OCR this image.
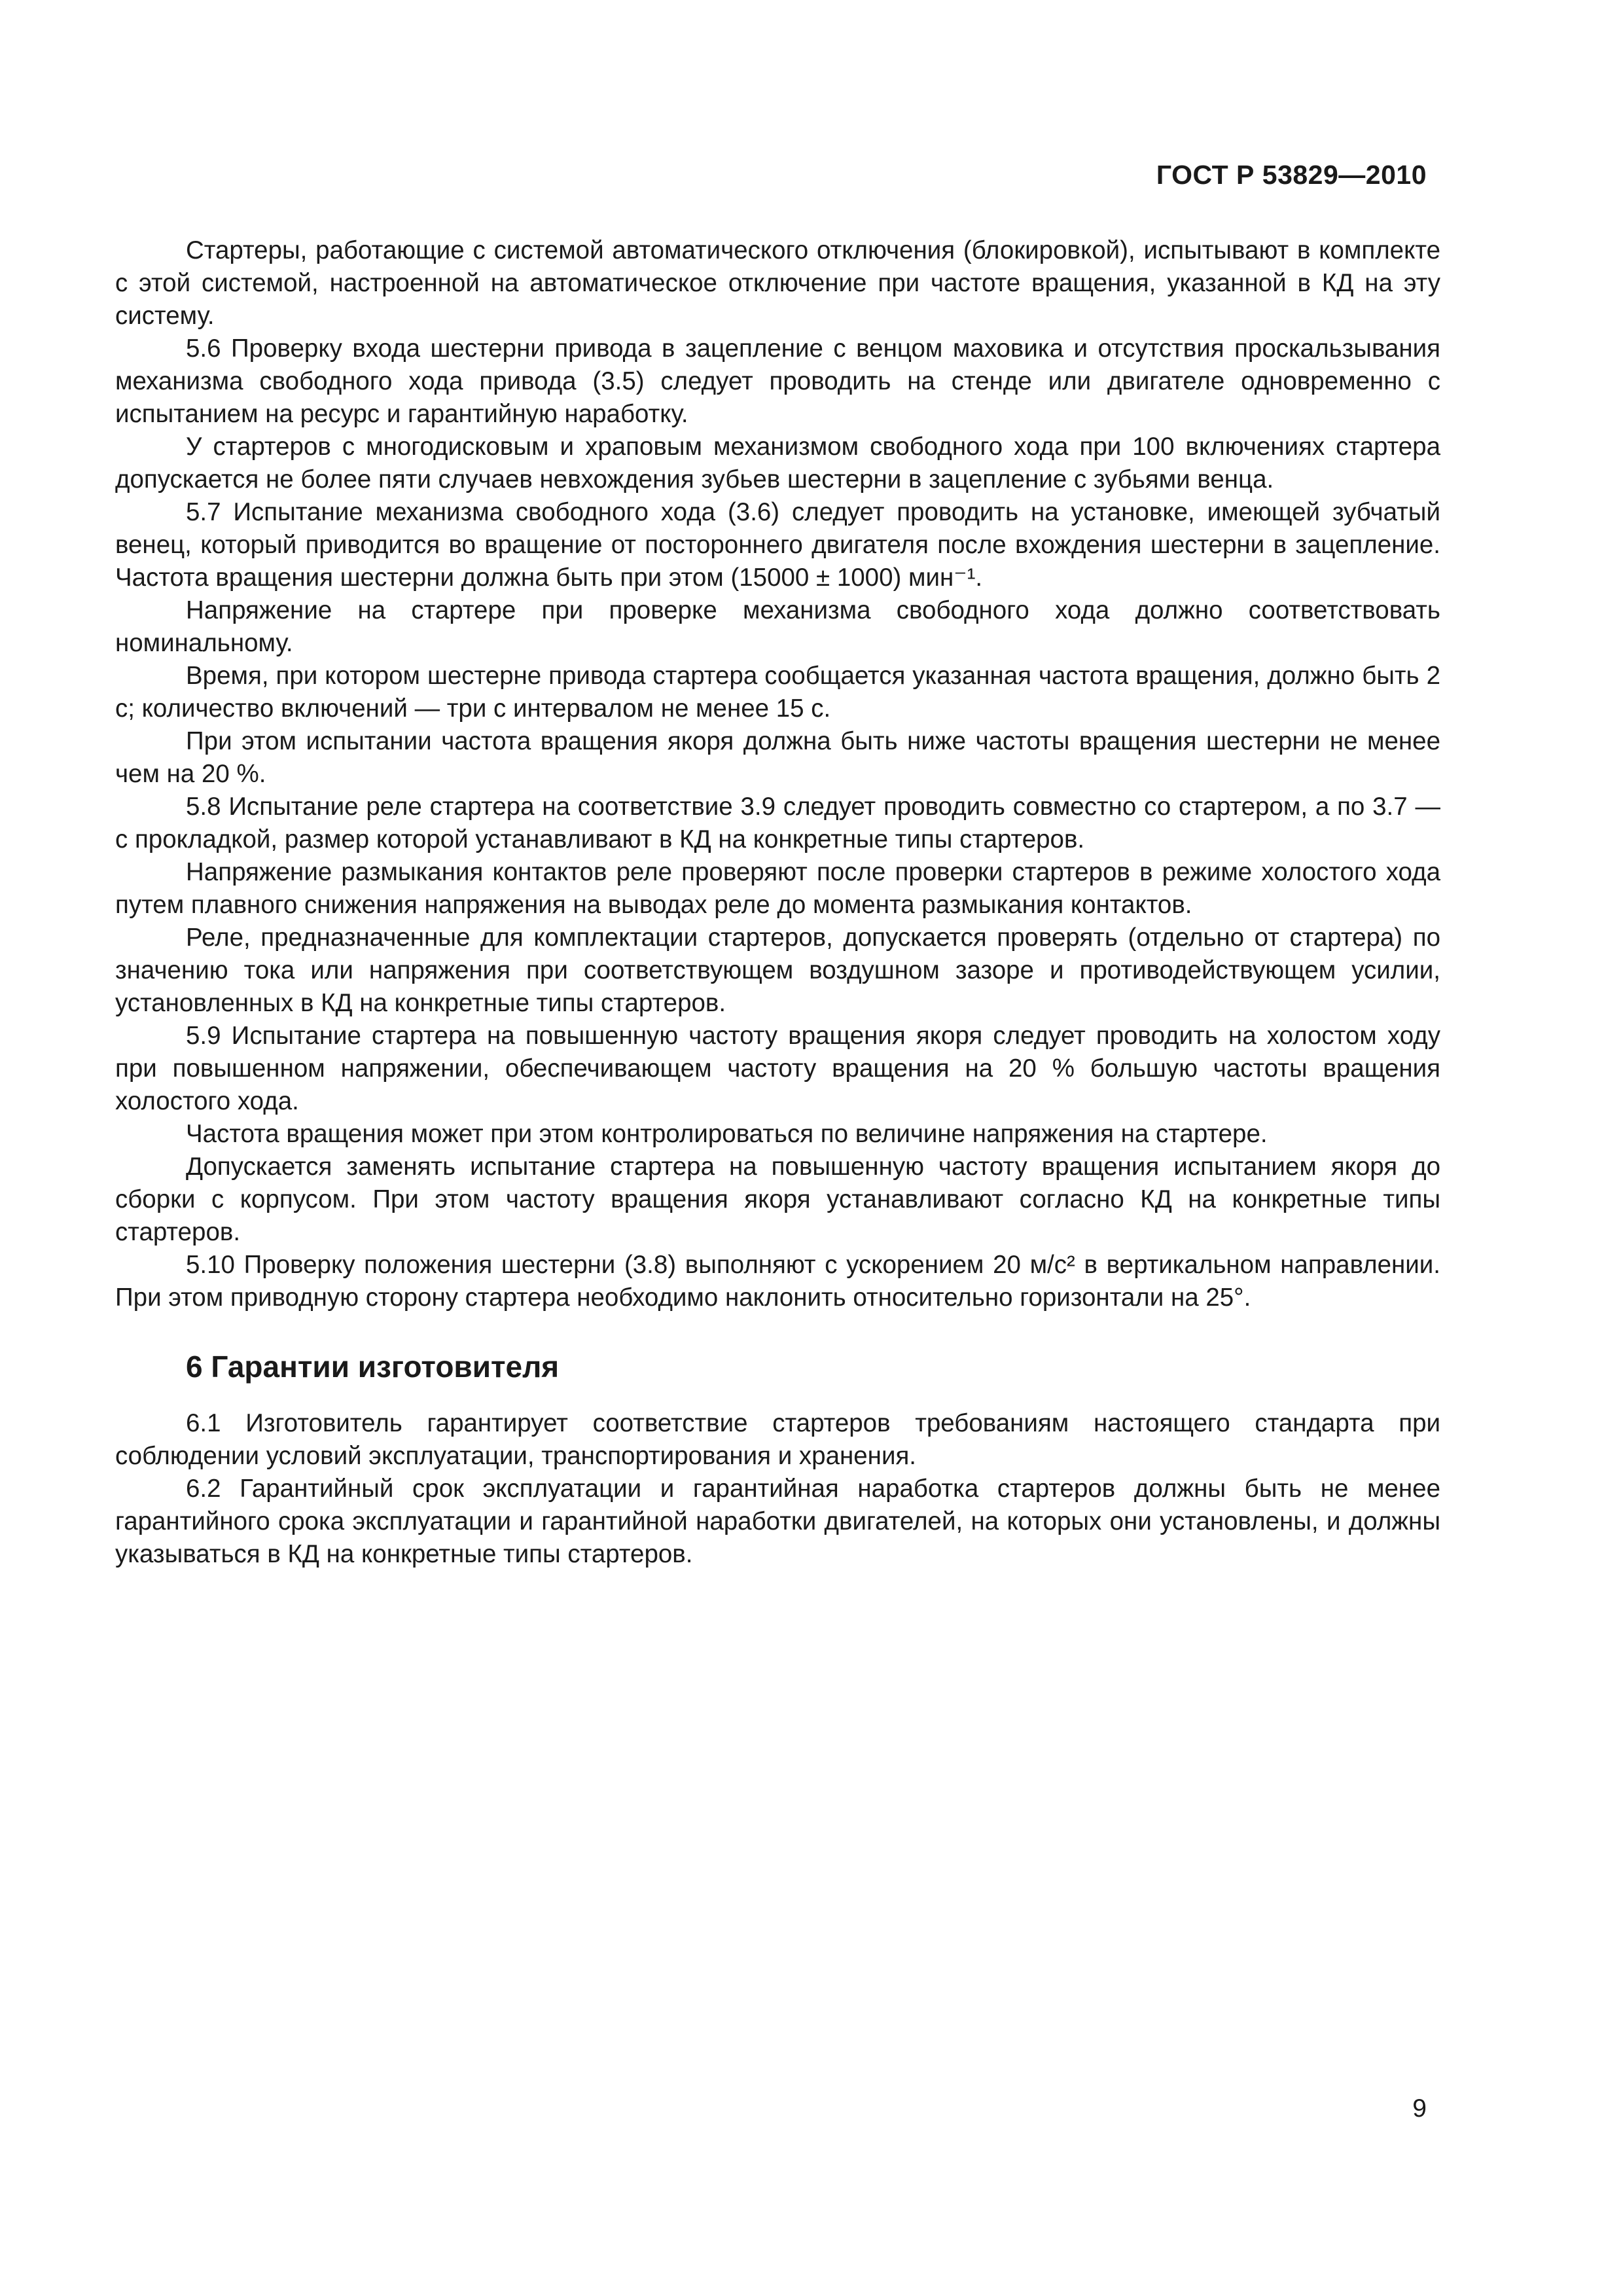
ГОСТ Р 53829—2010

Стартеры, работающие с системой автоматического отключения (блокировкой), испытывают в комплекте с этой системой, настроенной на автоматическое отключение при частоте вращения, указанной в КД на эту систему.

5.6 Проверку входа шестерни привода в зацепление с венцом маховика и отсутствия проскальзывания механизма свободного хода привода (3.5) следует проводить на стенде или двигателе одновременно с испытанием на ресурс и гарантийную наработку.

У стартеров с многодисковым и храповым механизмом свободного хода при 100 включениях стартера допускается не более пяти случаев невхождения зубьев шестерни в зацепление с зубьями венца.

5.7 Испытание механизма свободного хода (3.6) следует проводить на установке, имеющей зубчатый венец, который приводится во вращение от постороннего двигателя после вхождения шестерни в зацепление. Частота вращения шестерни должна быть при этом (15000 ± 1000) мин⁻¹.

Напряжение на стартере при проверке механизма свободного хода должно соответствовать номинальному.

Время, при котором шестерне привода стартера сообщается указанная частота вращения, должно быть 2 с; количество включений — три с интервалом не менее 15 с.

При этом испытании частота вращения якоря должна быть ниже частоты вращения шестерни не менее чем на 20 %.

5.8 Испытание реле стартера на соответствие 3.9 следует проводить совместно со стартером, а по 3.7 — с прокладкой, размер которой устанавливают в КД на конкретные типы стартеров.

Напряжение размыкания контактов реле проверяют после проверки стартеров в режиме холостого хода путем плавного снижения напряжения на выводах реле до момента размыкания контактов.

Реле, предназначенные для комплектации стартеров, допускается проверять (отдельно от стартера) по значению тока или напряжения при соответствующем воздушном зазоре и противодействующем усилии, установленных в КД на конкретные типы стартеров.

5.9 Испытание стартера на повышенную частоту вращения якоря следует проводить на холостом ходу при повышенном напряжении, обеспечивающем частоту вращения на 20 % большую частоты вращения холостого хода.

Частота вращения может при этом контролироваться по величине напряжения на стартере.

Допускается заменять испытание стартера на повышенную частоту вращения испытанием якоря до сборки с корпусом. При этом частоту вращения якоря устанавливают согласно КД на конкретные типы стартеров.

5.10 Проверку положения шестерни (3.8) выполняют с ускорением 20 м/с² в вертикальном направлении. При этом приводную сторону стартера необходимо наклонить относительно горизонтали на 25°.

6 Гарантии изготовителя

6.1 Изготовитель гарантирует соответствие стартеров требованиям настоящего стандарта при соблюдении условий эксплуатации, транспортирования и хранения.

6.2 Гарантийный срок эксплуатации и гарантийная наработка стартеров должны быть не менее гарантийного срока эксплуатации и гарантийной наработки двигателей, на которых они установлены, и должны указываться в КД на конкретные типы стартеров.

9
